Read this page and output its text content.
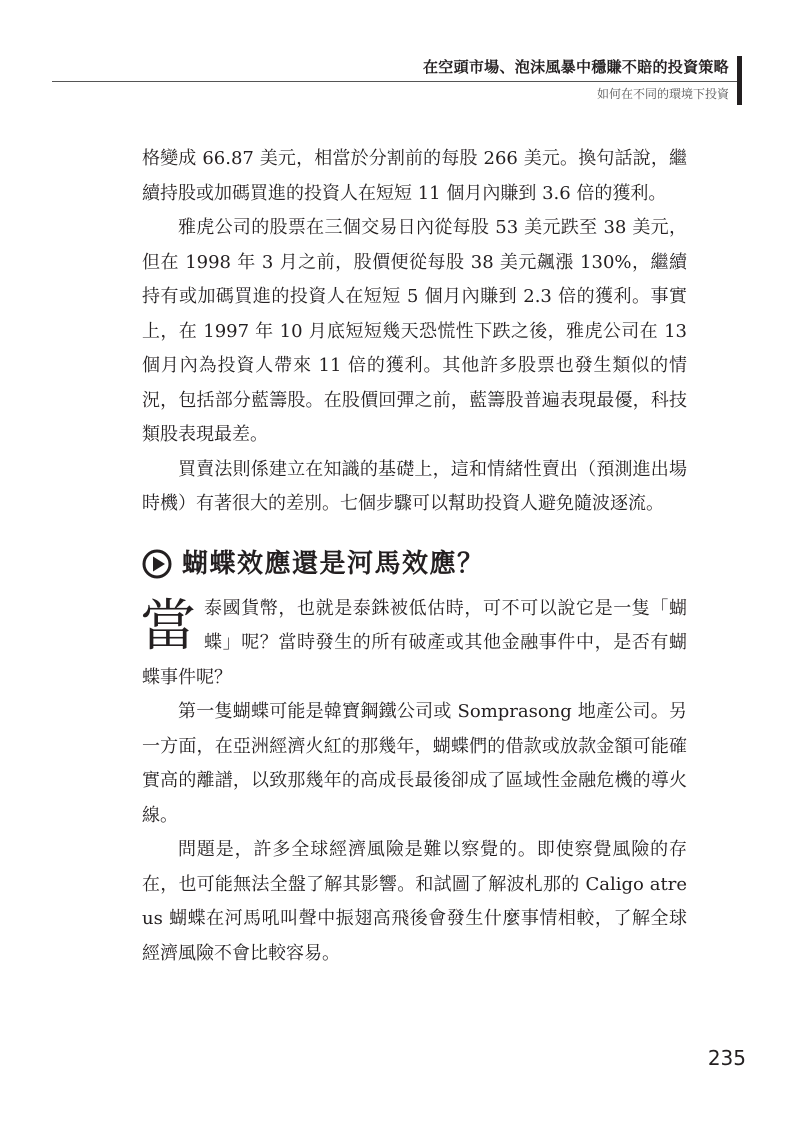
在空頭市場、泡沫風暴中穩賺不賠的投資策略
如何在不同的環境下投資

格變成 66.87 美元，相當於分割前的每股 266 美元。換句話說，繼續持股或加碼買進的投資人在短短 11 個月內賺到 3.6 倍的獲利。

雅虎公司的股票在三個交易日內從每股 53 美元跌至 38 美元，但在 1998 年 3 月之前，股價便從每股 38 美元飆漲 130%，繼續持有或加碼買進的投資人在短短 5 個月內賺到 2.3 倍的獲利。事實上，在 1997 年 10 月底短短幾天恐慌性下跌之後，雅虎公司在 13 個月內為投資人帶來 11 倍的獲利。其他許多股票也發生類似的情況，包括部分藍籌股。在股價回彈之前，藍籌股普遍表現最優，科技類股表現最差。

買賣法則係建立在知識的基礎上，這和情緒性賣出（預測進出場時機）有著很大的差別。七個步驟可以幫助投資人避免隨波逐流。

蝴蝶效應還是河馬效應？

當泰國貨幣，也就是泰銖被低估時，可不可以說它是一隻「蝴蝶」呢？當時發生的所有破產或其他金融事件中，是否有蝴蝶事件呢？

第一隻蝴蝶可能是韓寶鋼鐵公司或 Somprasong 地產公司。另一方面，在亞洲經濟火紅的那幾年，蝴蝶們的借款或放款金額可能確實高的離譜，以致那幾年的高成長最後卻成了區域性金融危機的導火線。

問題是，許多全球經濟風險是難以察覺的。即使察覺風險的存在，也可能無法全盤了解其影響。和試圖了解波札那的 Caligo atreus 蝴蝶在河馬吼叫聲中振翅高飛後會發生什麼事情相較，了解全球經濟風險不會比較容易。

235
